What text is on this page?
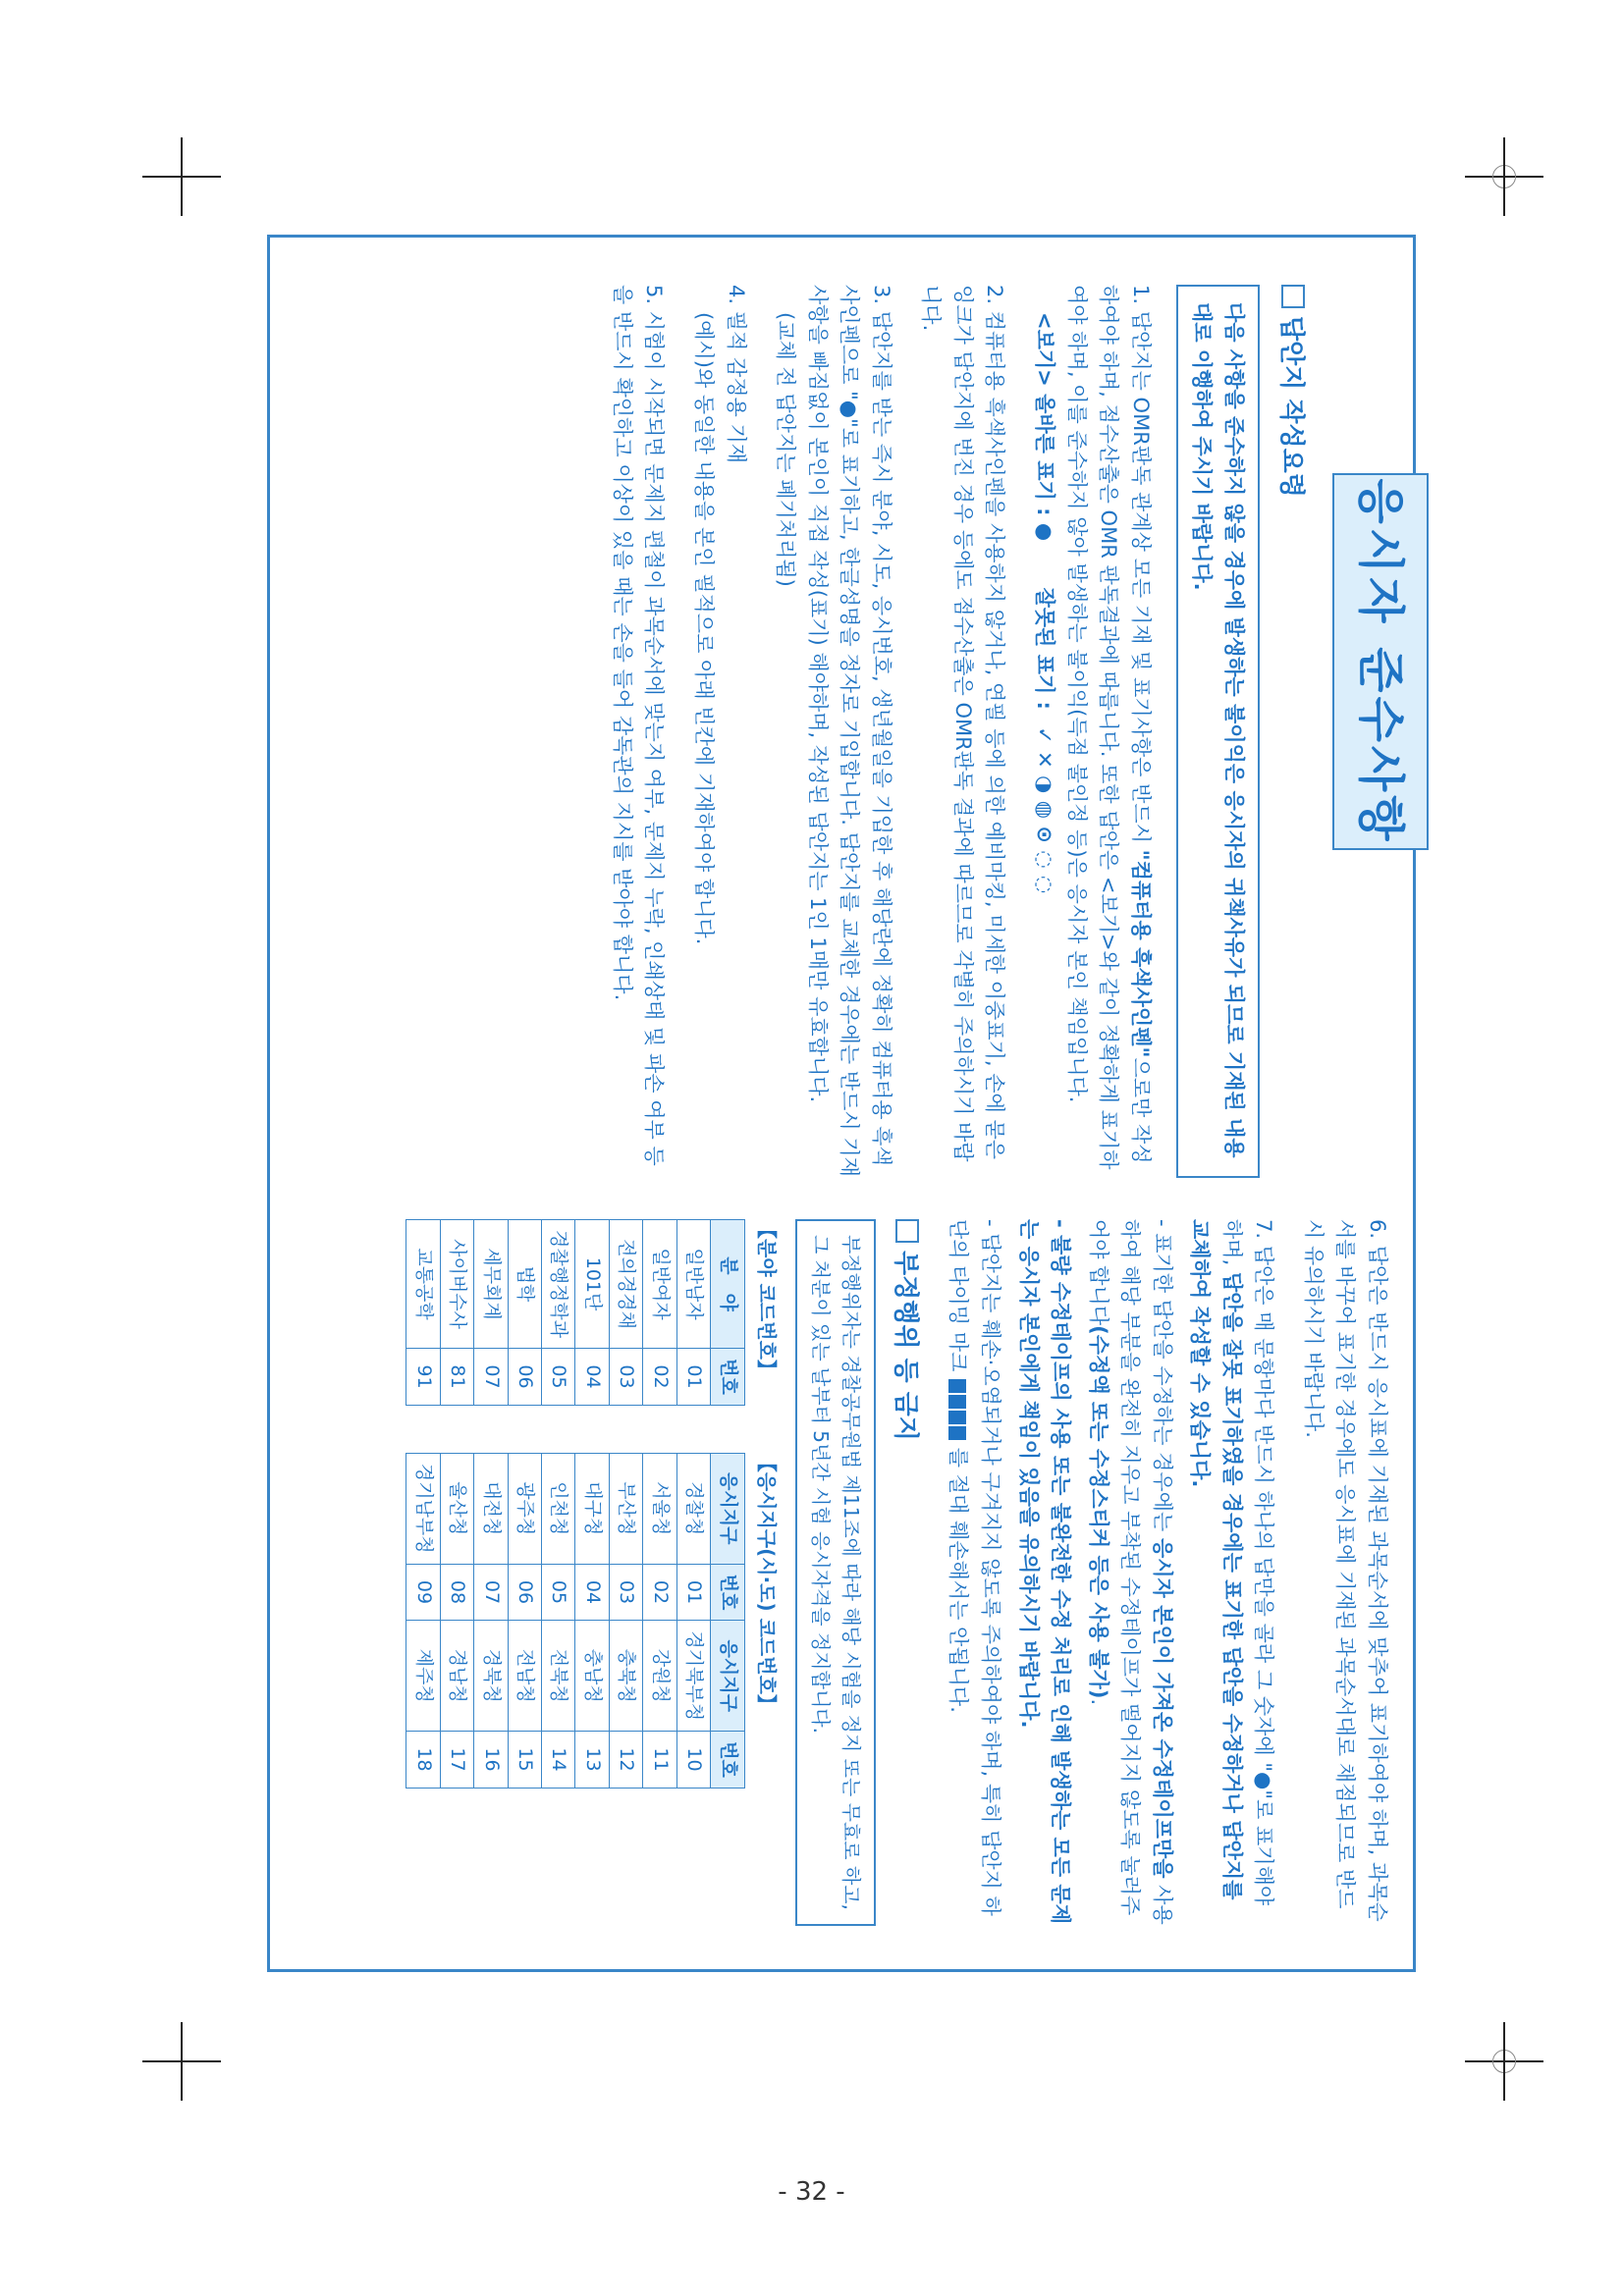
응시자 준수사항
답안지 작성요령
다음 사항을 준수하지 않을 경우에 발생하는 불이익은 응시자의 귀책사유가 되므로 기재된 내용대로 이행하여 주시기 바랍니다.
1. 답안지는 OMR판독 관계상 모든 기재 및 표기사항은 반드시 "컴퓨터용 흑색사인펜"으로만 작성하여야 하며, 점수산출은 OMR 판독결과에 따릅니다. 또한 답안은 <보기>와 같이 정확하게 표기하여야 하며, 이를 준수하지 않아 발생하는 불이익(득점 불인정 등)은 응시자 본인 책임입니다.
<보기> 올바른 표기 : ● 잘못된 표기 : ✓ ✕ ◑ ◍ ⊙ ◌ ◌
2. 컴퓨터용 흑색사인펜을 사용하지 않거나, 연필 등에 의한 예비마킹, 미세한 이중표기, 손에 묻은 잉크가 답안지에 번진 경우 등에도 점수산출은 OMR판독 결과에 따르므로 각별히 주의하시기 바랍니다.
3. 답안지를 받는 즉시 분야, 시도, 응시번호, 생년월일을 기입한 후 해당란에 정확히 컴퓨터용 흑색사인펜으로 "●"로 표기하고, 한글성명을 정자로 기입합니다. 답안지를 교체한 경우에는 반드시 기재사항을 빠짐없이 본인이 직접 작성(표기) 해야하며, 작성된 답안지는 1인 1매만 유효합니다.
(교체 전 답안지는 폐기처리됨)
4. 필적 감정용 기재
(예시)와 동일한 내용을 본인 필적으로 아래 빈칸에 기재하여야 합니다.
5. 시험이 시작되면 문제지 편철이 과목순서에 맞는지 여부, 문제지 누락, 인쇄상태 및 파손 여부 등을 반드시 확인하고 이상이 있을 때는 손을 들어 감독관의 지시를 받아야 합니다.
6. 답안은 반드시 응시표에 기재된 과목순서에 맞추어 표기하여야 하며, 과목순서를 바꾸어 표기한 경우에도 응시표에 기재된 과목순서대로 채점되므로 반드시 유의하시기 바랍니다.
7. 답안은 매 문항마다 반드시 하나의 답만을 골라 그 숫자에 "●"로 표기해야 하며, 답안을 잘못 표기하였을 경우에는 표기한 답안을 수정하거나 답안지를 교체하여 작성할 수 있습니다.
- 표기한 답안을 수정하는 경우에는 응시자 본인이 가져온 수정테이프만을 사용하여 해당 부분을 완전히 지우고 부착된 수정테이프가 떨어지지 않도록 눌러주어야 합니다(수정액 또는 수정스티커 등은 사용 불가).
- 불량 수정테이프의 사용 또는 불완전한 수정 처리로 인해 발생하는 모든 문제는 응시자 본인에게 책임이 있음을 유의하시기 바랍니다.
- 답안지는 훼손·오염되거나 구겨지지 않도록 주의하여야 하며, 특히 답안지 하단의 타이밍 마크  를 절대 훼손해서는 안됩니다.
부정행위 등 금지
부정행위자는 경찰공무원법 제11조에 따라 해당 시험을 정지 또는 무효로 하고, 그 처분이 있는 날부터 5년간 시험 응시자격을 정지합니다.
【분야 코드번호】
분　야	번호
일반남자	01
일반여자	02
전의경경채	03
101단	04
경찰행정학과	05
법학	06
세무회계	07
사이버수사	81
교통공학	91
【응시지구(시·도) 코드번호】
응시지구	번호	응시지구	번호
경찰청	01	경기북부청	10
서울청	02	강원청	11
부산청	03	충북청	12
대구청	04	충남청	13
인천청	05	전북청	14
광주청	06	전남청	15
대전청	07	경북청	16
울산청	08	경남청	17
경기남부청	09	제주청	18
- 32 -
